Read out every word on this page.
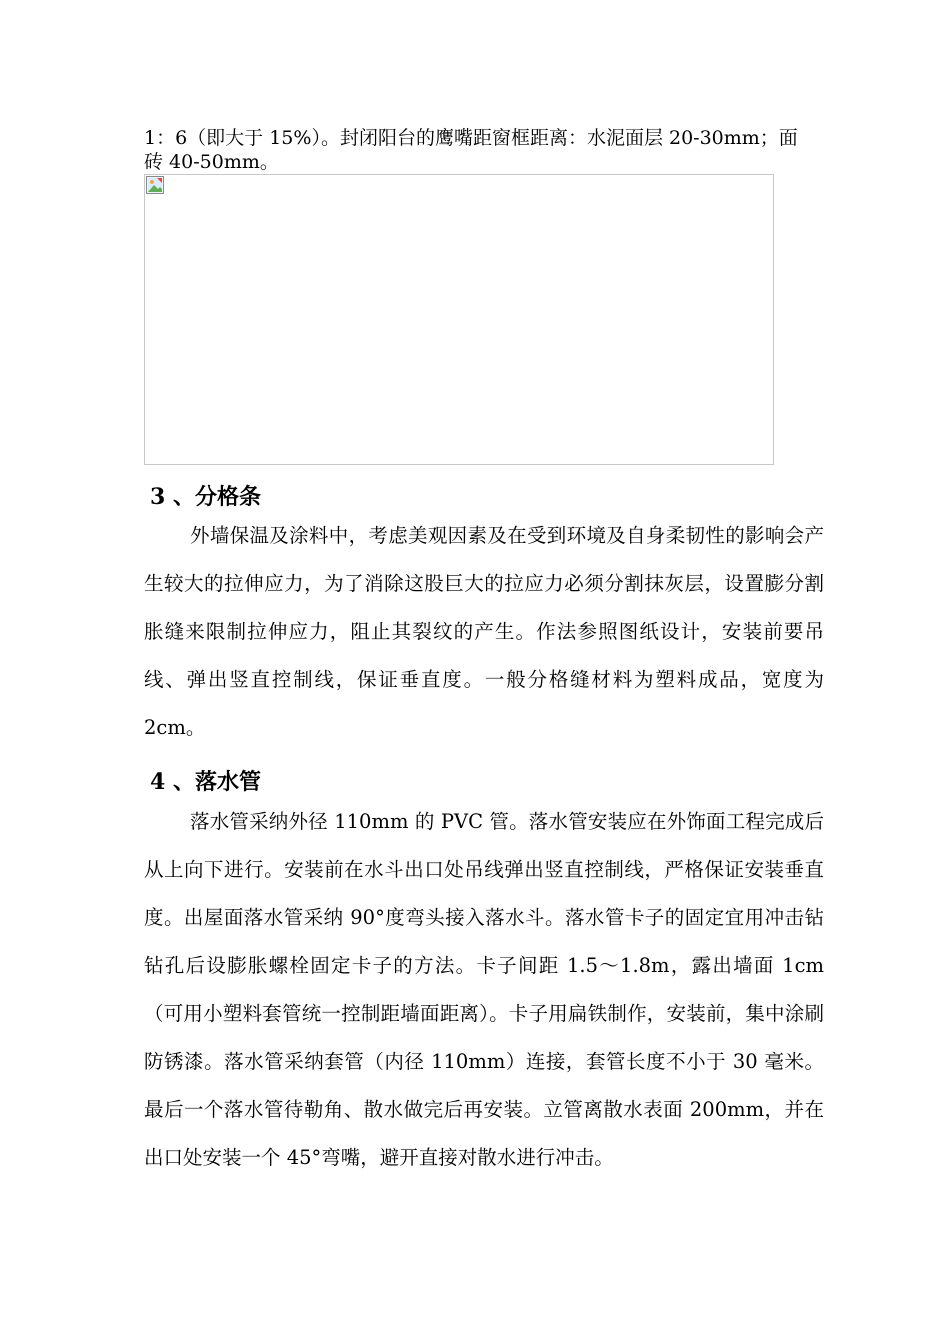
1：6（即大于 15%）。封闭阳台的鹰嘴距窗框距离：水泥面层 20-30mm；面砖 40-50mm。

3 、分格条

外墙保温及涂料中，考虑美观因素及在受到环境及自身柔韧性的影响会产生较大的拉伸应力，为了消除这股巨大的拉应力必须分割抹灰层，设置膨分割胀缝来限制拉伸应力，阻止其裂纹的产生。作法参照图纸设计，安装前要吊线、弹出竖直控制线，保证垂直度。一般分格缝材料为塑料成品，宽度为 2cm。

4 、落水管

落水管采纳外径 110mm 的 PVC 管。落水管安装应在外饰面工程完成后从上向下进行。安装前在水斗出口处吊线弹出竖直控制线，严格保证安装垂直度。出屋面落水管采纳 90°度弯头接入落水斗。落水管卡子的固定宜用冲击钻钻孔后设膨胀螺栓固定卡子的方法。卡子间距 1.5～1.8m，露出墙面 1cm（可用小塑料套管统一控制距墙面距离）。卡子用扁铁制作，安装前，集中涂刷防锈漆。落水管采纳套管（内径 110mm）连接，套管长度不小于 30 毫米。最后一个落水管待勒角、散水做完后再安装。立管离散水表面 200mm，并在出口处安装一个 45°弯嘴，避开直接对散水进行冲击。
